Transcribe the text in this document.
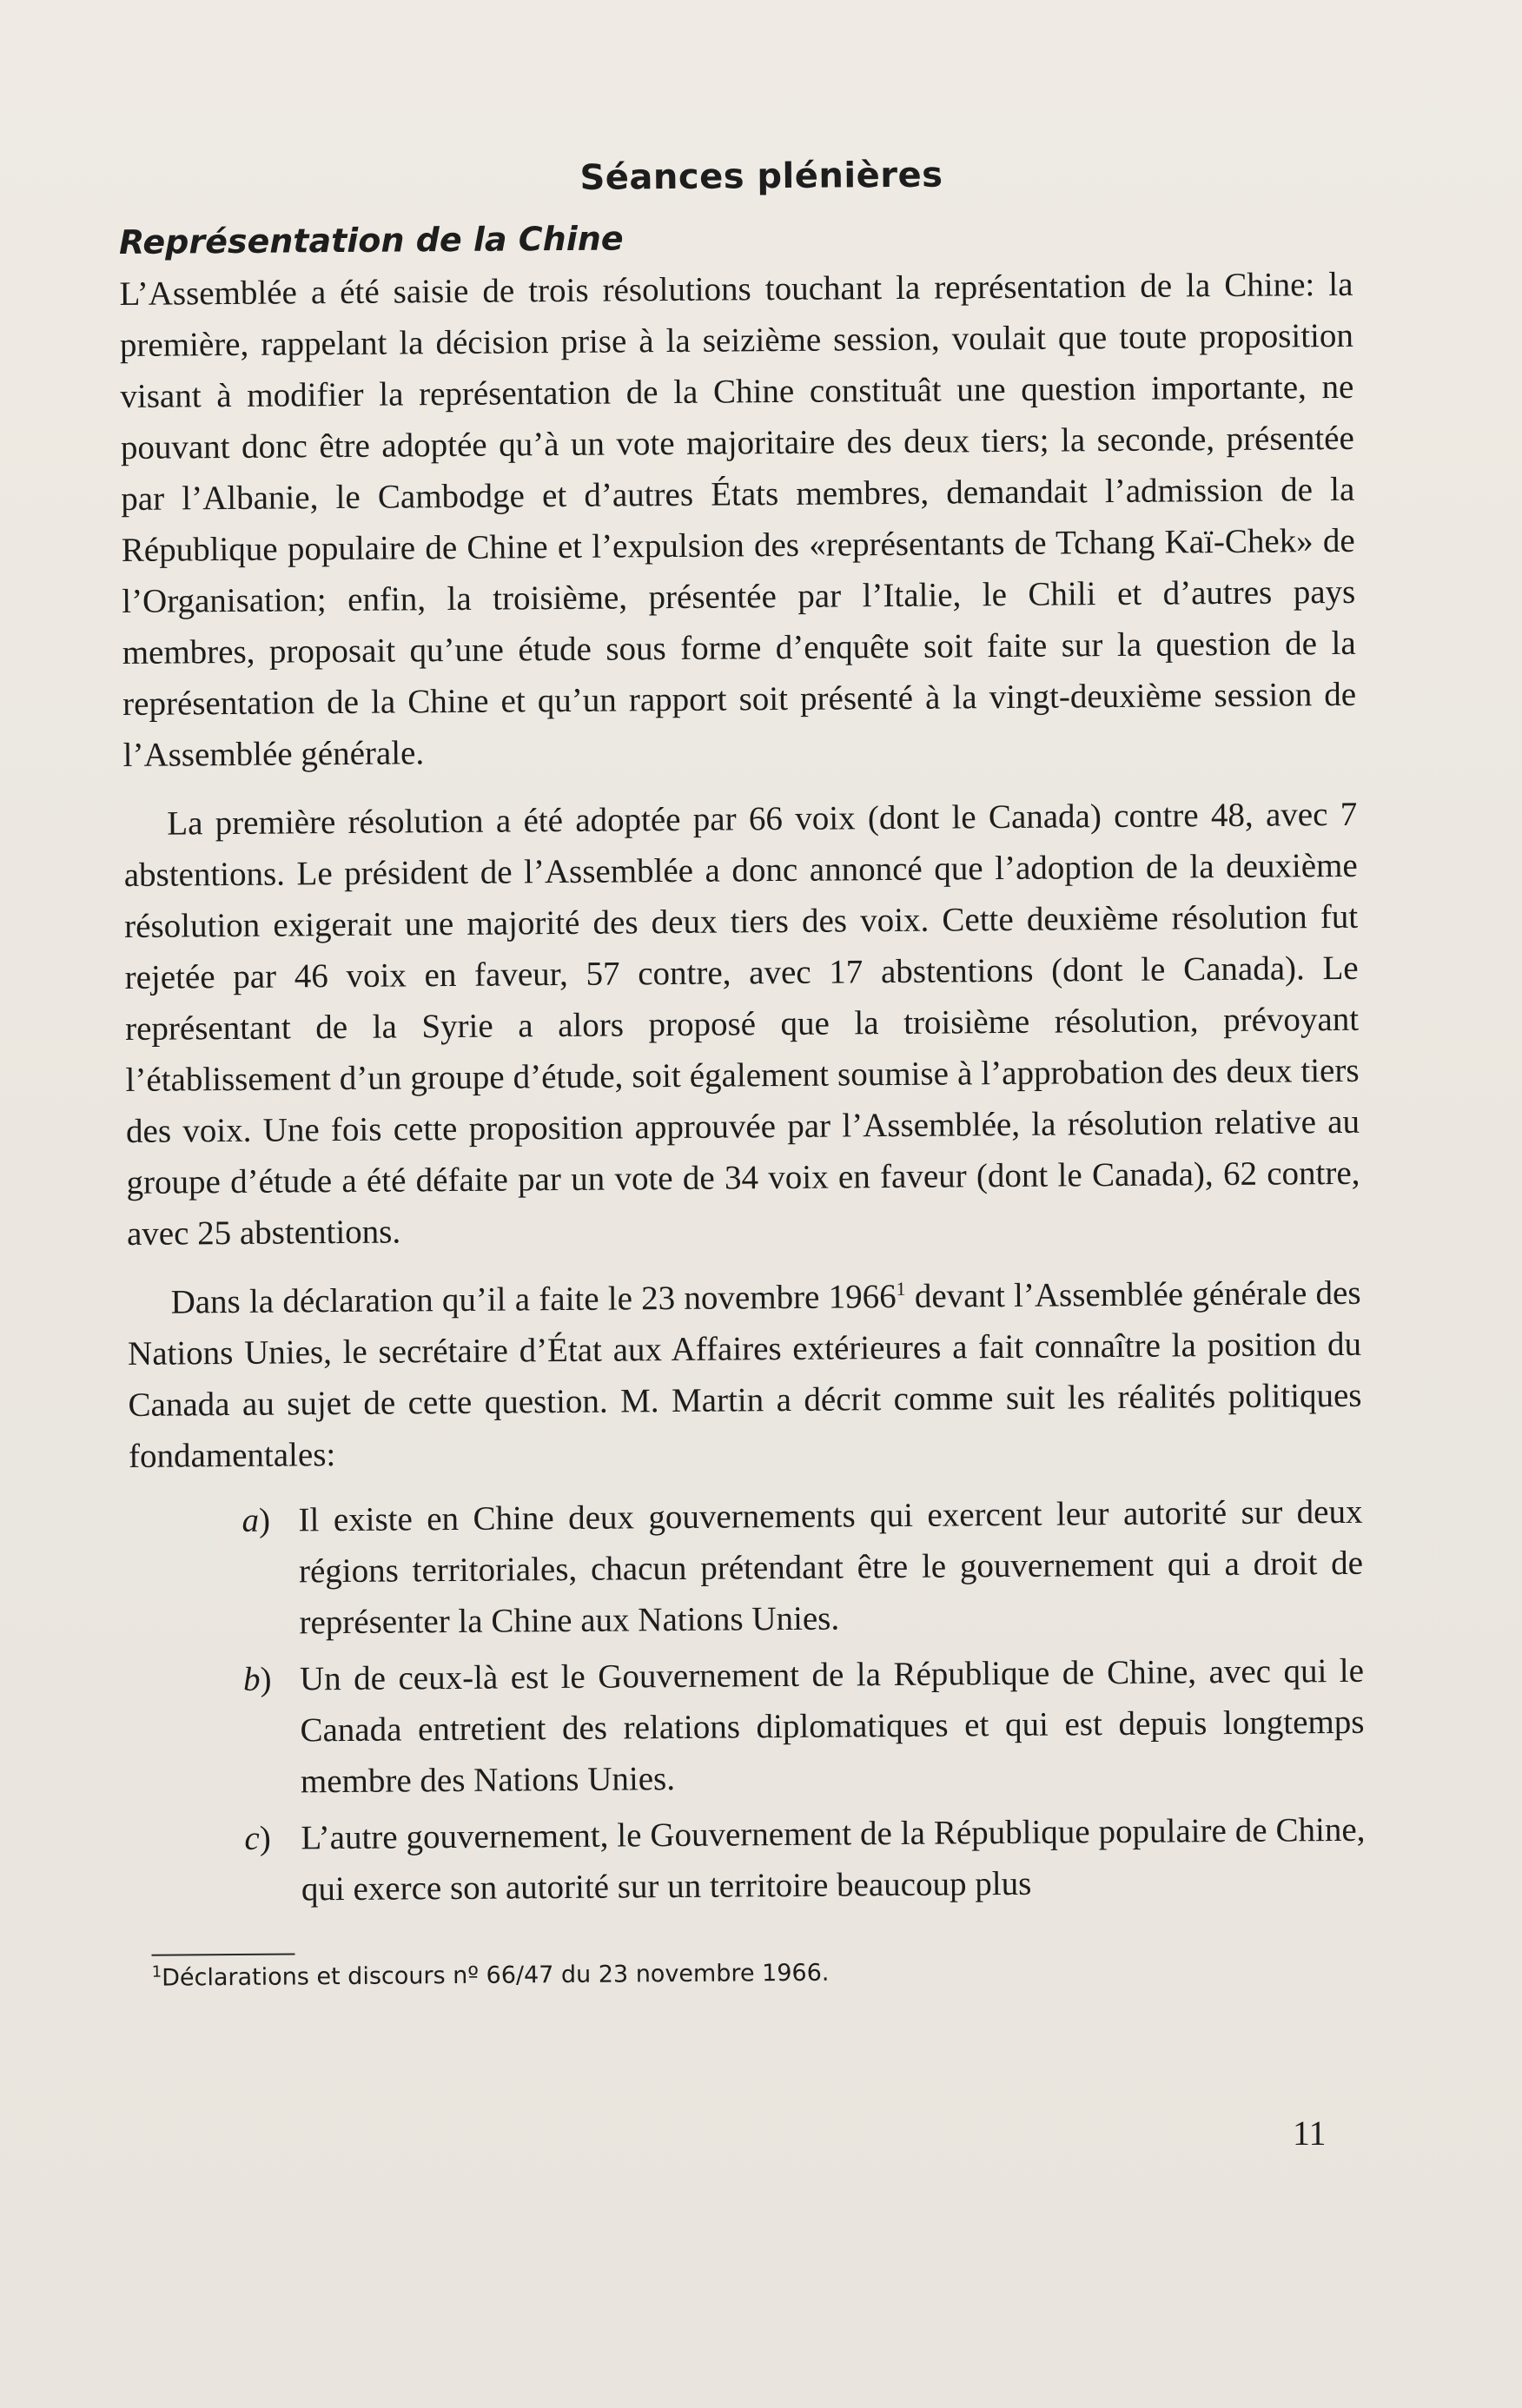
Séances plénières
Représentation de la Chine

L’Assemblée a été saisie de trois résolutions touchant la représentation de la Chine: la première, rappelant la décision prise à la seizième session, voulait que toute proposition visant à modifier la représentation de la Chine constituât une question importante, ne pouvant donc être adoptée qu’à un vote majoritaire des deux tiers; la seconde, présentée par l’Albanie, le Cambodge et d’autres États membres, demandait l’admission de la République populaire de Chine et l’expulsion des «représentants de Tchang Kaï-Chek» de l’Organisation; enfin, la troisième, présentée par l’Italie, le Chili et d’autres pays membres, proposait qu’une étude sous forme d’enquête soit faite sur la question de la représentation de la Chine et qu’un rapport soit présenté à la vingt-deuxième session de l’Assemblée générale.

La première résolution a été adoptée par 66 voix (dont le Canada) contre 48, avec 7 abstentions. Le président de l’Assemblée a donc annoncé que l’adoption de la deuxième résolution exigerait une majorité des deux tiers des voix. Cette deuxième résolution fut rejetée par 46 voix en faveur, 57 contre, avec 17 abstentions (dont le Canada). Le représentant de la Syrie a alors proposé que la troisième résolution, prévoyant l’établissement d’un groupe d’étude, soit également soumise à l’approbation des deux tiers des voix. Une fois cette proposition approuvée par l’Assemblée, la résolution relative au groupe d’étude a été défaite par un vote de 34 voix en faveur (dont le Canada), 62 contre, avec 25 abstentions.

Dans la déclaration qu’il a faite le 23 novembre 1966$^1$ devant l’Assemblée générale des Nations Unies, le secrétaire d’État aux Affaires extérieures a fait connaître la position du Canada au sujet de cette question. M. Martin a décrit comme suit les réalités politiques fondamentales:

a) Il existe en Chine deux gouvernements qui exercent leur autorité sur deux régions territoriales, chacun prétendant être le gouvernement qui a droit de représenter la Chine aux Nations Unies.
b) Un de ceux-là est le Gouvernement de la République de Chine, avec qui le Canada entretient des relations diplomatiques et qui est depuis longtemps membre des Nations Unies.
c) L’autre gouvernement, le Gouvernement de la République populaire de Chine, qui exerce son autorité sur un territoire beaucoup plus
$^1$Déclarations et discours nº 66/47 du 23 novembre 1966.
11
